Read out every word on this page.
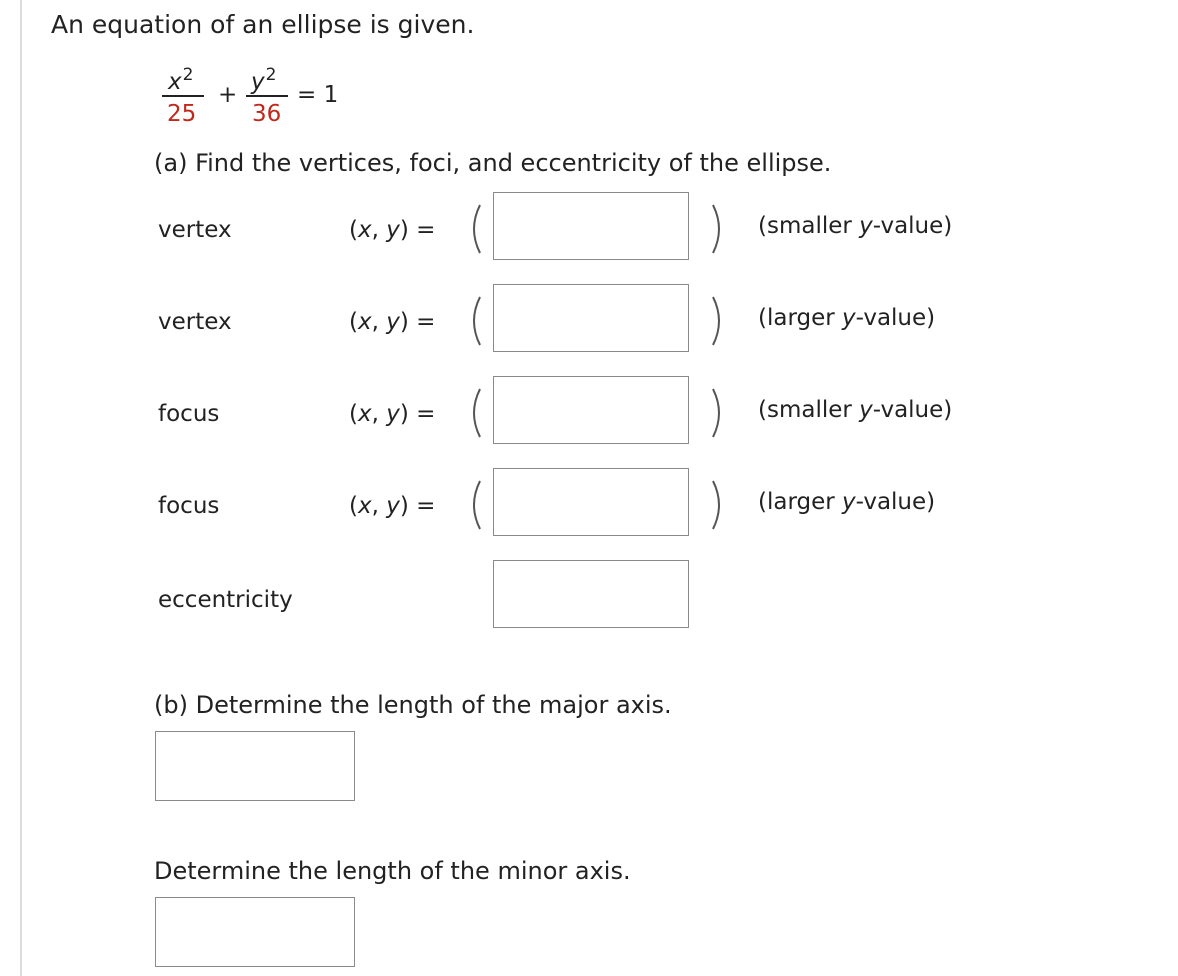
An equation of an ellipse is given.
$x^2$
25
+ $y^2$
36
= 1
(a) Find the vertices, foci, and eccentricity of the ellipse.
vertex	(x, y) =	(smaller y-value)
vertex	(x, y) =	(larger y-value)
focus	(x, y) =	(smaller y-value)
focus	(x, y) =	(larger y-value)
eccentricity
(b) Determine the length of the major axis.
Determine the length of the minor axis.
